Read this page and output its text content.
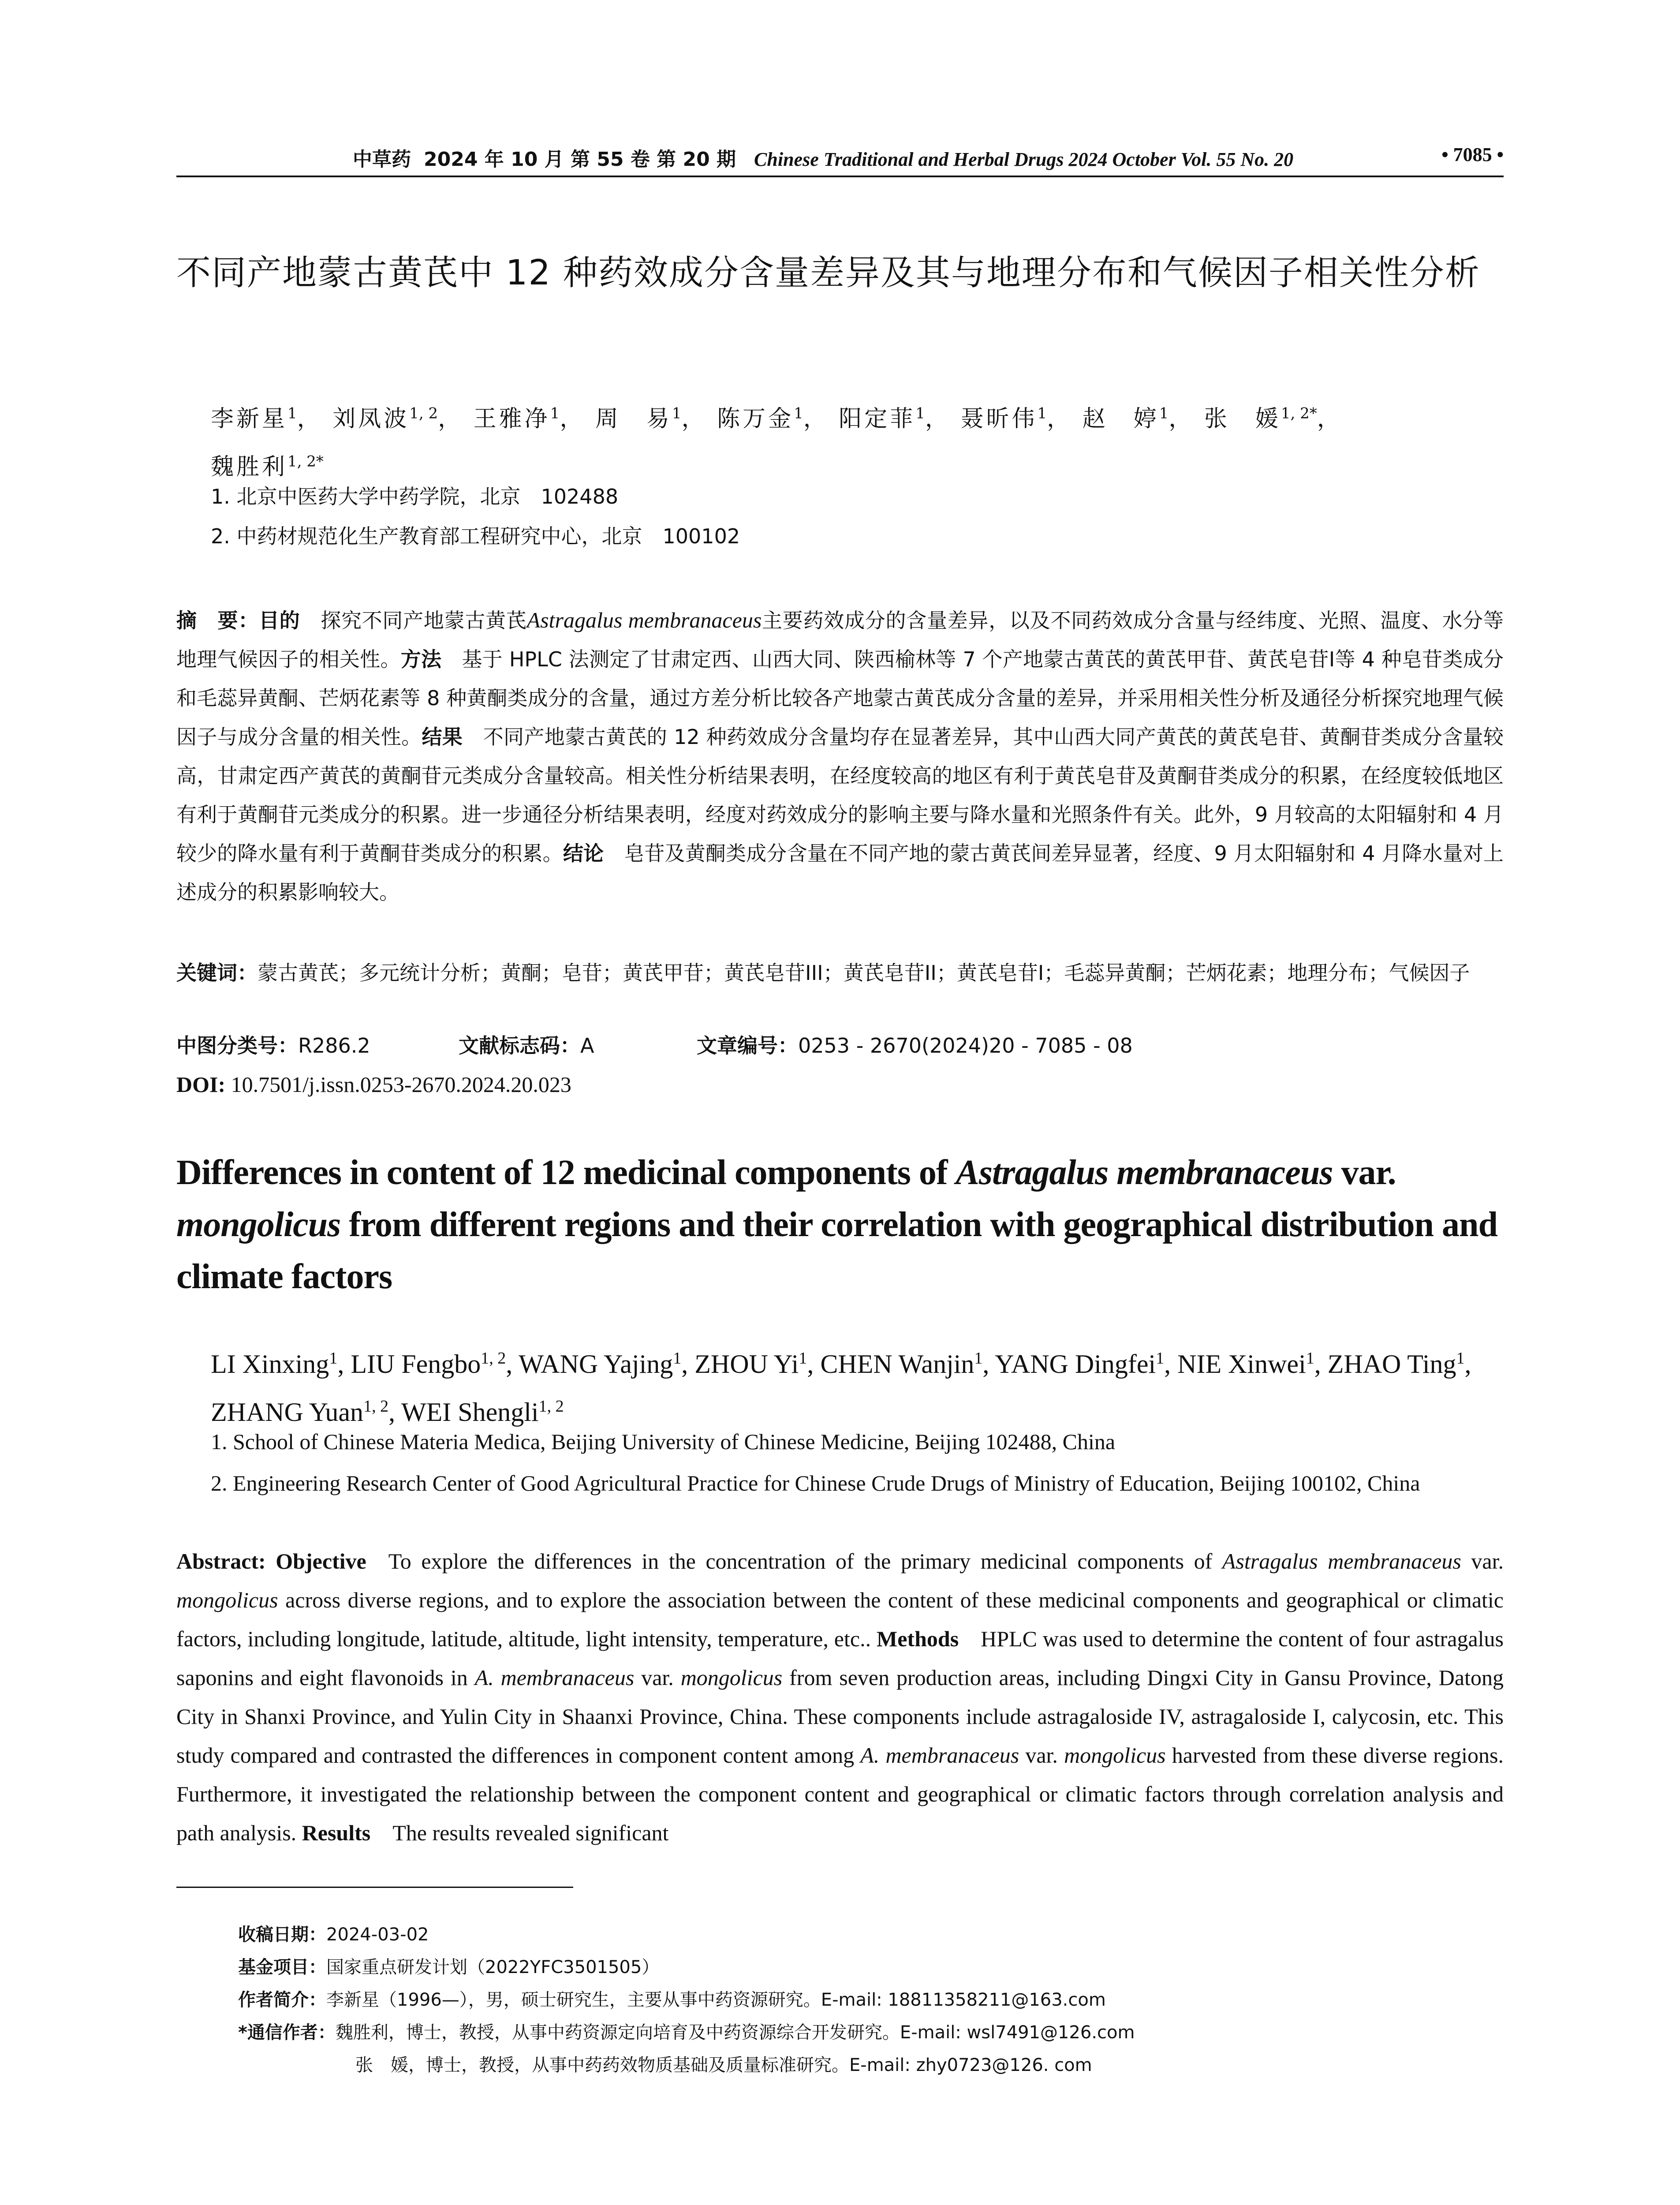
中草药 2024 年 10 月 第 55 卷 第 20 期 Chinese Traditional and Herbal Drugs 2024 October Vol. 55 No. 20	• 7085 •
不同产地蒙古黄芪中 12 种药效成分含量差异及其与地理分布和气候因子相关性分析
李新星$^1$， 刘凤波$^{1, 2}$， 王雅净$^1$， 周　易$^1$， 陈万金$^1$， 阳定菲$^1$， 聂昕伟$^1$， 赵　婷$^1$， 张　媛$^{1, 2*}$，
魏胜利$^{1, 2*}$
1. 北京中医药大学中药学院，北京　102488
2. 中药材规范化生产教育部工程研究中心，北京　100102
摘　要：目的  探究不同产地蒙古黄芪Astragalus membranaceus主要药效成分的含量差异，以及不同药效成分含量与经纬度、光照、温度、水分等地理气候因子的相关性。方法  基于 HPLC 法测定了甘肃定西、山西大同、陕西榆林等 7 个产地蒙古黄芪的黄芪甲苷、黄芪皂苷I等 4 种皂苷类成分和毛蕊异黄酮、芒炳花素等 8 种黄酮类成分的含量，通过方差分析比较各产地蒙古黄芪成分含量的差异，并采用相关性分析及通径分析探究地理气候因子与成分含量的相关性。结果  不同产地蒙古黄芪的 12 种药效成分含量均存在显著差异，其中山西大同产黄芪的黄芪皂苷、黄酮苷类成分含量较高，甘肃定西产黄芪的黄酮苷元类成分含量较高。相关性分析结果表明，在经度较高的地区有利于黄芪皂苷及黄酮苷类成分的积累，在经度较低地区有利于黄酮苷元类成分的积累。进一步通径分析结果表明，经度对药效成分的影响主要与降水量和光照条件有关。此外，9 月较高的太阳辐射和 4 月较少的降水量有利于黄酮苷类成分的积累。结论  皂苷及黄酮类成分含量在不同产地的蒙古黄芪间差异显著，经度、9 月太阳辐射和 4 月降水量对上述成分的积累影响较大。
关键词：蒙古黄芪；多元统计分析；黄酮；皂苷；黄芪甲苷；黄芪皂苷III；黄芪皂苷II；黄芪皂苷I；毛蕊异黄酮；芒炳花素；地理分布；气候因子
中图分类号：R286.2	文献标志码：A	文章编号：0253 - 2670(2024)20 - 7085 - 08
DOI: 10.7501/j.issn.0253-2670.2024.20.023
Differences in content of 12 medicinal components of Astragalus membranaceus var. mongolicus from different regions and their correlation with geographical distribution and climate factors
LI Xinxing$^1$, LIU Fengbo$^{1, 2}$, WANG Yajing$^1$, ZHOU Yi$^1$, CHEN Wanjin$^1$, YANG Dingfei$^1$, NIE Xinwei$^1$, ZHAO Ting$^1$, ZHANG Yuan$^{1, 2}$, WEI Shengli$^{1, 2}$
1. School of Chinese Materia Medica, Beijing University of Chinese Medicine, Beijing 102488, China
2. Engineering Research Center of Good Agricultural Practice for Chinese Crude Drugs of Ministry of Education, Beijing 100102, China
Abstract: Objective  To explore the differences in the concentration of the primary medicinal components of Astragalus membranaceus var. mongolicus across diverse regions, and to explore the association between the content of these medicinal components and geographical or climatic factors, including longitude, latitude, altitude, light intensity, temperature, etc.. Methods  HPLC was used to determine the content of four astragalus saponins and eight flavonoids in A. membranaceus var. mongolicus from seven production areas, including Dingxi City in Gansu Province, Datong City in Shanxi Province, and Yulin City in Shaanxi Province, China. These components include astragaloside IV, astragaloside I, calycosin, etc. This study compared and contrasted the differences in component content among A. membranaceus var. mongolicus harvested from these diverse regions. Furthermore, it investigated the relationship between the component content and geographical or climatic factors through correlation analysis and path analysis. Results  The results revealed significant
收稿日期：2024-03-02
基金项目：国家重点研发计划（2022YFC3501505）
作者简介：李新星（1996—），男，硕士研究生，主要从事中药资源研究。E-mail: 18811358211@163.com
*通信作者：魏胜利，博士，教授，从事中药资源定向培育及中药资源综合开发研究。E-mail: wsl7491@126.com
张　媛，博士，教授，从事中药药效物质基础及质量标准研究。E-mail: zhy0723@126. com
